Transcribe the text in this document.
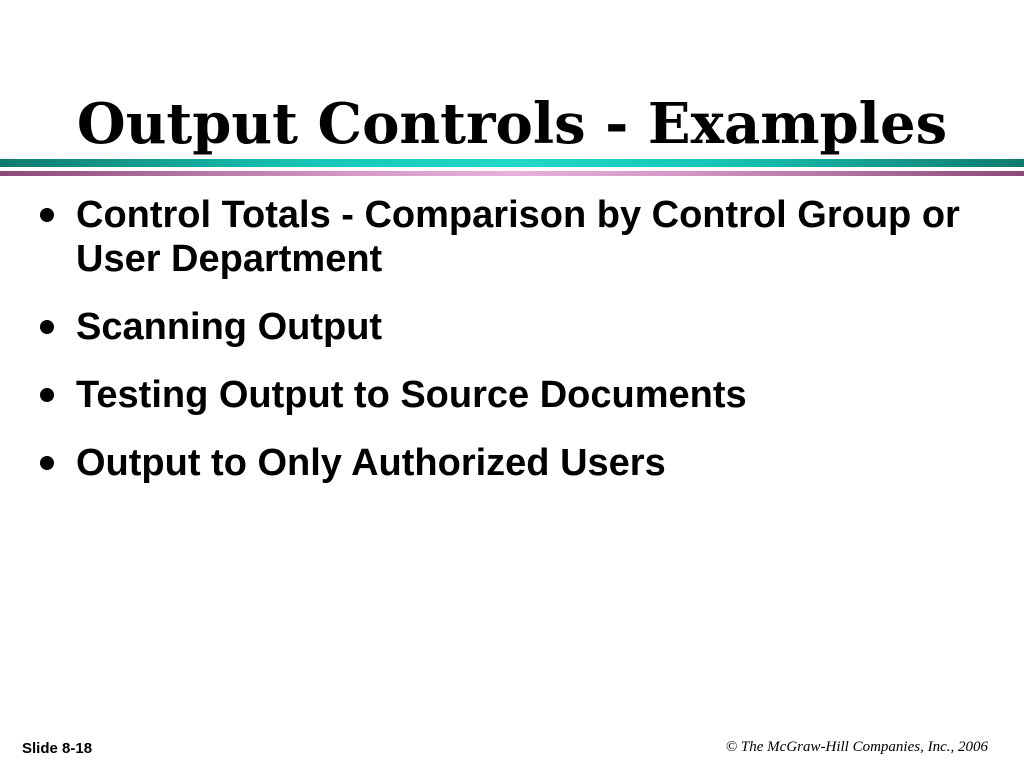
Output Controls - Examples
Control Totals - Comparison by Control Group or User Department
Scanning Output
Testing Output to Source Documents
Output to Only Authorized Users
Slide 8-18	© The McGraw-Hill Companies, Inc., 2006
